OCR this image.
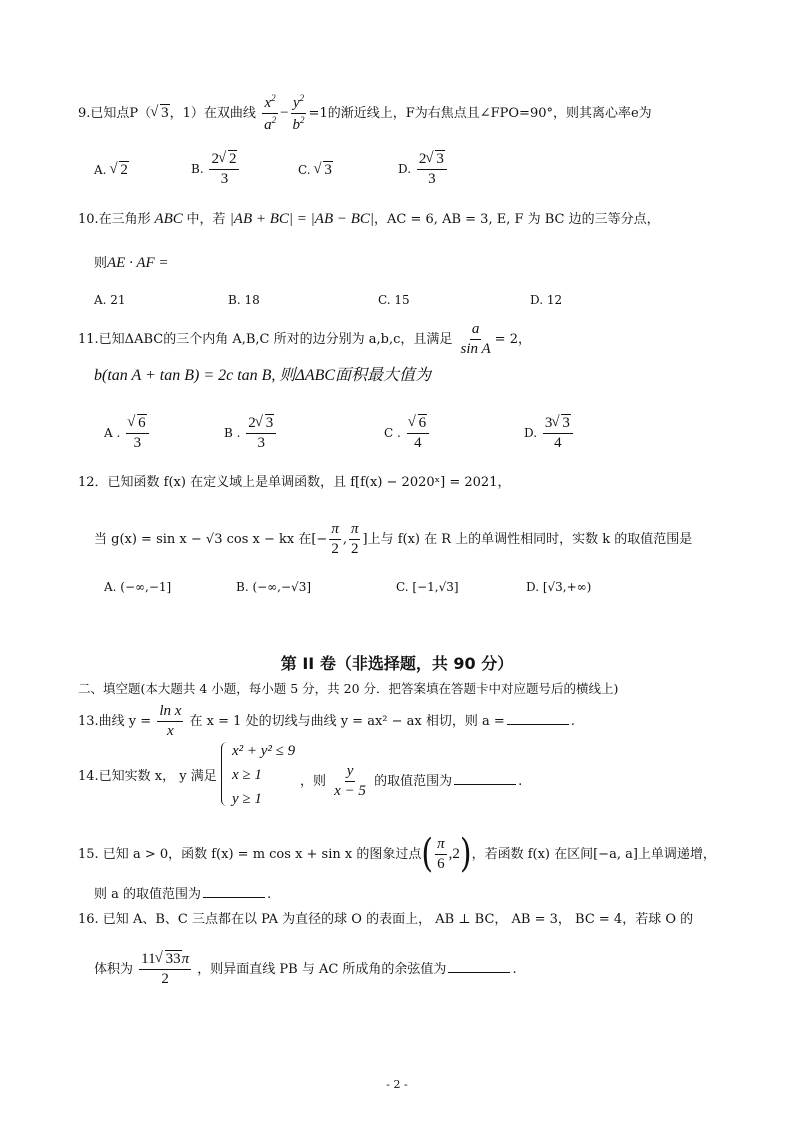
9.已知点P（ √ 3，1）在双曲线 $\frac{x^2}{a^2} - \frac{y^2}{b^2} =1$的渐近线上，F为右焦点且∠FPO=90°，则其离心率e为
A. √ 2	B. $\frac{2 √ 2}{3}$	C. √ 3	D. $\frac{2 √ 3}{3}$
10.在三角形 ABC 中，若 |AB + BC| = |AB − BC|，AC = 6, AB = 3, E, F 为 BC 边的三等分点，
则AE · AF =
A. 21	B. 18	C. 15	D. 12
11.已知ΔABC的三个内角 A,B,C 所对的边分别为 a,b,c，且满足 $\frac{a}{\text{sin A}} = 2$，
b(tan A + tan B) = 2c tan B, 则ΔABC面积最大值为
A . √ $\frac{6}{3}$	B . $\frac{2 √ 3}{3}$	C . √ $\frac{6}{4}$	D. $\frac{3 √ 3}{4}$
12．已知函数 f(x) 在定义域上是单调函数，且 f[f(x) − 2020ˣ] = 2021，
当 g(x) = sin x − √3 cos x − kx 在[− $\frac{\pi}{2}$ , $\frac{\pi}{2}$ ]上与 f(x) 在 R 上的单调性相同时，实数 k 的取值范围是
A. (−∞,−1]	B. (−∞,−√3]	C. [−1,√3]	D. [√3,+∞)
第 II 卷（非选择题，共 90 分）
二、填空题(本大题共 4 小题，每小题 5 分，共 20 分．把答案填在答题卡中对应题号后的横线上)
13.曲线 $y = \frac{\text{ln x}}{x}$ 在 x = 1 处的切线与曲线 y = ax² − ax 相切，则 a =	.
14.已知实数 x， y 满足
x² + y² ≤ 9
x ≥ 1
y ≥ 1
，则 $\frac{y}{x - 5}$ 的取值范围为	.
15. 已知 a > 0，函数 f(x) = m cos x + sin x 的图象过点( $\frac{\pi}{6} ,2$)，若函数 f(x) 在区间[−a, a]上单调递增，
则 a 的取值范围为	.
16. 已知 A、B、C 三点都在以 PA 为直径的球 O 的表面上， AB ⊥ BC， AB = 3， BC = 4，若球 O 的
体积为 $\frac{11 √ 33\pi}{2}$ ，则异面直线 PB 与 AC 所成角的余弦值为	.
- 2 -
